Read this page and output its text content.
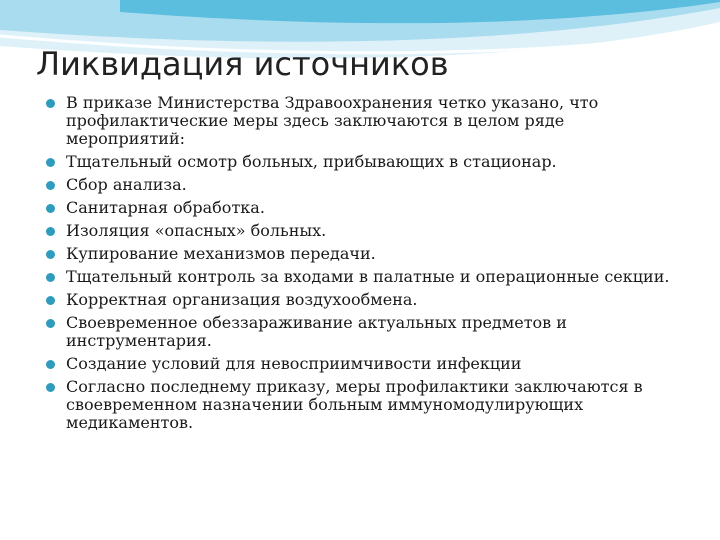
Ликвидация источников
В приказе Министерства Здравоохранения четко указано, что профилактические меры здесь заключаются в целом ряде мероприятий:
Тщательный осмотр больных, прибывающих в стационар.
Сбор анализа.
Санитарная обработка.
Изоляция «опасных» больных.
Купирование механизмов передачи.
Тщательный контроль за входами в палатные и операционные секции.
Корректная организация воздухообмена.
Своевременное обеззараживание актуальных предметов и инструментария.
Создание условий для невосприимчивости инфекции
Согласно последнему приказу, меры профилактики заключаются в своевременном назначении больным иммуномодулирующих медикаментов.
